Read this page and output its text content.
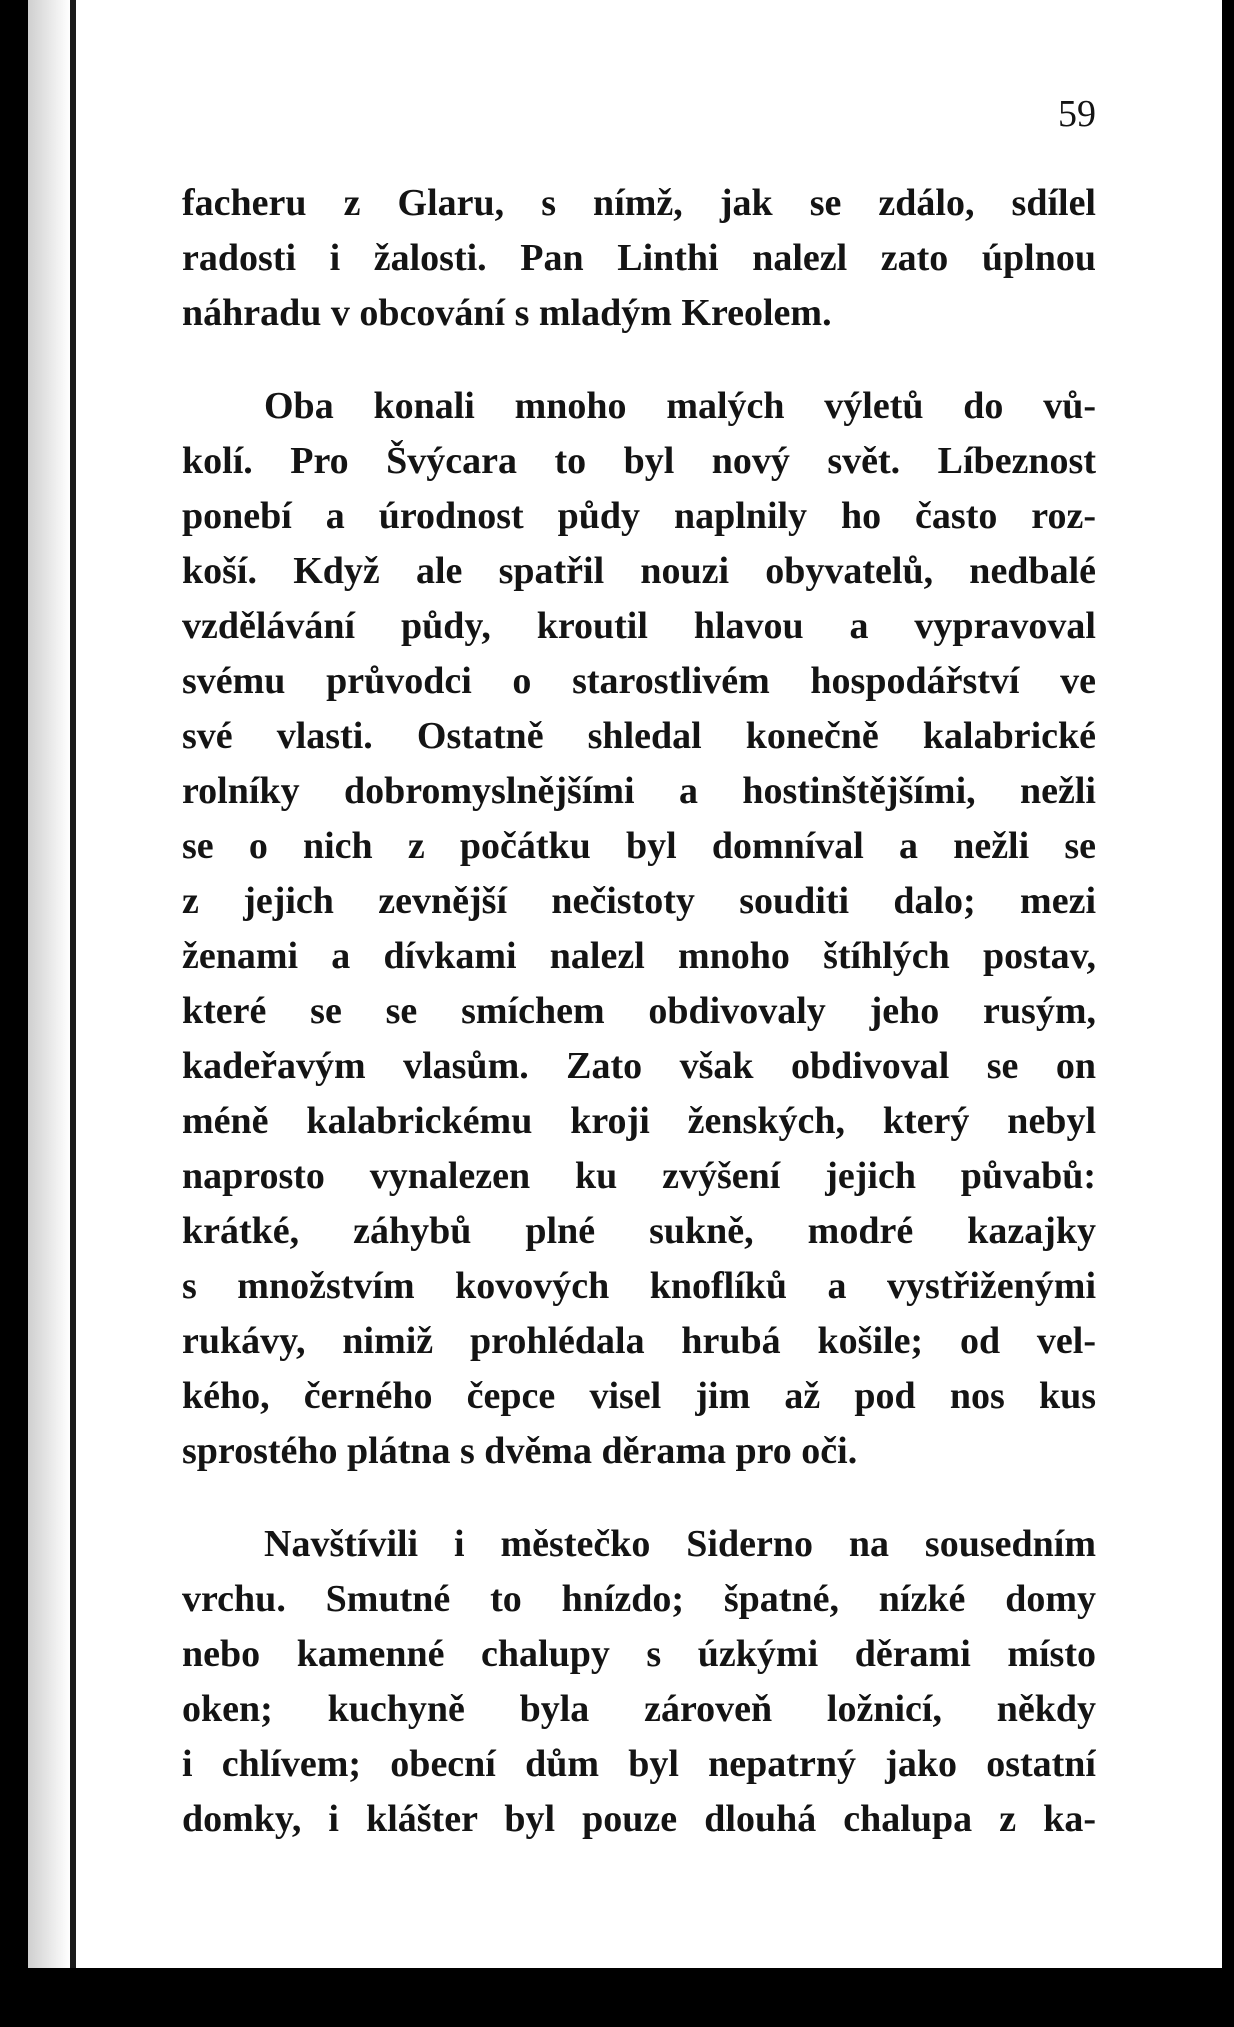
59

facheru z Glaru, s nímž, jak se zdálo, sdílel
radosti i žalosti. Pan Linthi nalezl zato úplnou
náhradu v obcování s mladým Kreolem.

Oba konali mnoho malých výletů do vů-
kolí. Pro Švýcara to byl nový svět. Líbeznost
ponebí a úrodnost půdy naplnily ho často roz-
koší. Když ale spatřil nouzi obyvatelů, nedbalé
vzdělávání půdy, kroutil hlavou a vypravoval
svému průvodci o starostlivém hospodářství ve
své vlasti. Ostatně shledal konečně kalabrické
rolníky dobromyslnějšími a hostinštějšími, nežli
se o nich z počátku byl domníval a nežli se
z jejich zevnější nečistoty souditi dalo; mezi
ženami a dívkami nalezl mnoho štíhlých postav,
které se se smíchem obdivovaly jeho rusým,
kadeřavým vlasům. Zato však obdivoval se on
méně kalabrickému kroji ženských, který nebyl
naprosto vynalezen ku zvýšení jejich půvabů:
krátké, záhybů plné sukně, modré kazajky
s množstvím kovových knoflíků a vystřiženými
rukávy, nimiž prohlédala hrubá košile; od vel-
kého, černého čepce visel jim až pod nos kus
sprostého plátna s dvěma děrama pro oči.

Navštívili i městečko Siderno na sousedním
vrchu. Smutné to hnízdo; špatné, nízké domy
nebo kamenné chalupy s úzkými děrami místo
oken; kuchyně byla zároveň ložnicí, někdy
i chlívem; obecní dům byl nepatrný jako ostatní
domky, i klášter byl pouze dlouhá chalupa z ka-
